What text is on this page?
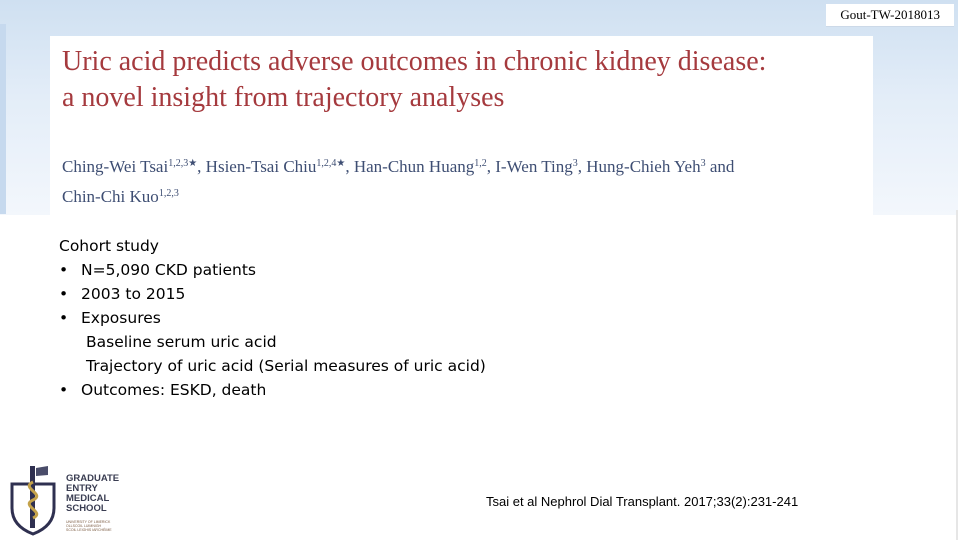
Gout-TW-2018013
Uric acid predicts adverse outcomes in chronic kidney disease:
a novel insight from trajectory analyses
Ching-Wei Tsai$^{1,2,3★}$, Hsien-Tsai Chiu$^{1,2,4★}$, Han-Chun Huang$^{1,2}$, I-Wen Ting$^3$, Hung-Chieh Yeh$^3$ and
Chin-Chi Kuo$^{1,2,3}$
Cohort study
• N=5,090 CKD patients
• 2003 to 2015
• Exposures
Baseline serum uric acid
Trajectory of uric acid (Serial measures of uric acid)
• Outcomes: ESKD, death
GRADUATE
ENTRY
MEDICAL
SCHOOL
UNIVERSITY OF LIMERICK
OLLSCOIL LUIMNIGH
SCOIL LEIGHIS IARCHÉIME
Tsai et al Nephrol Dial Transplant. 2017;33(2):231-241
